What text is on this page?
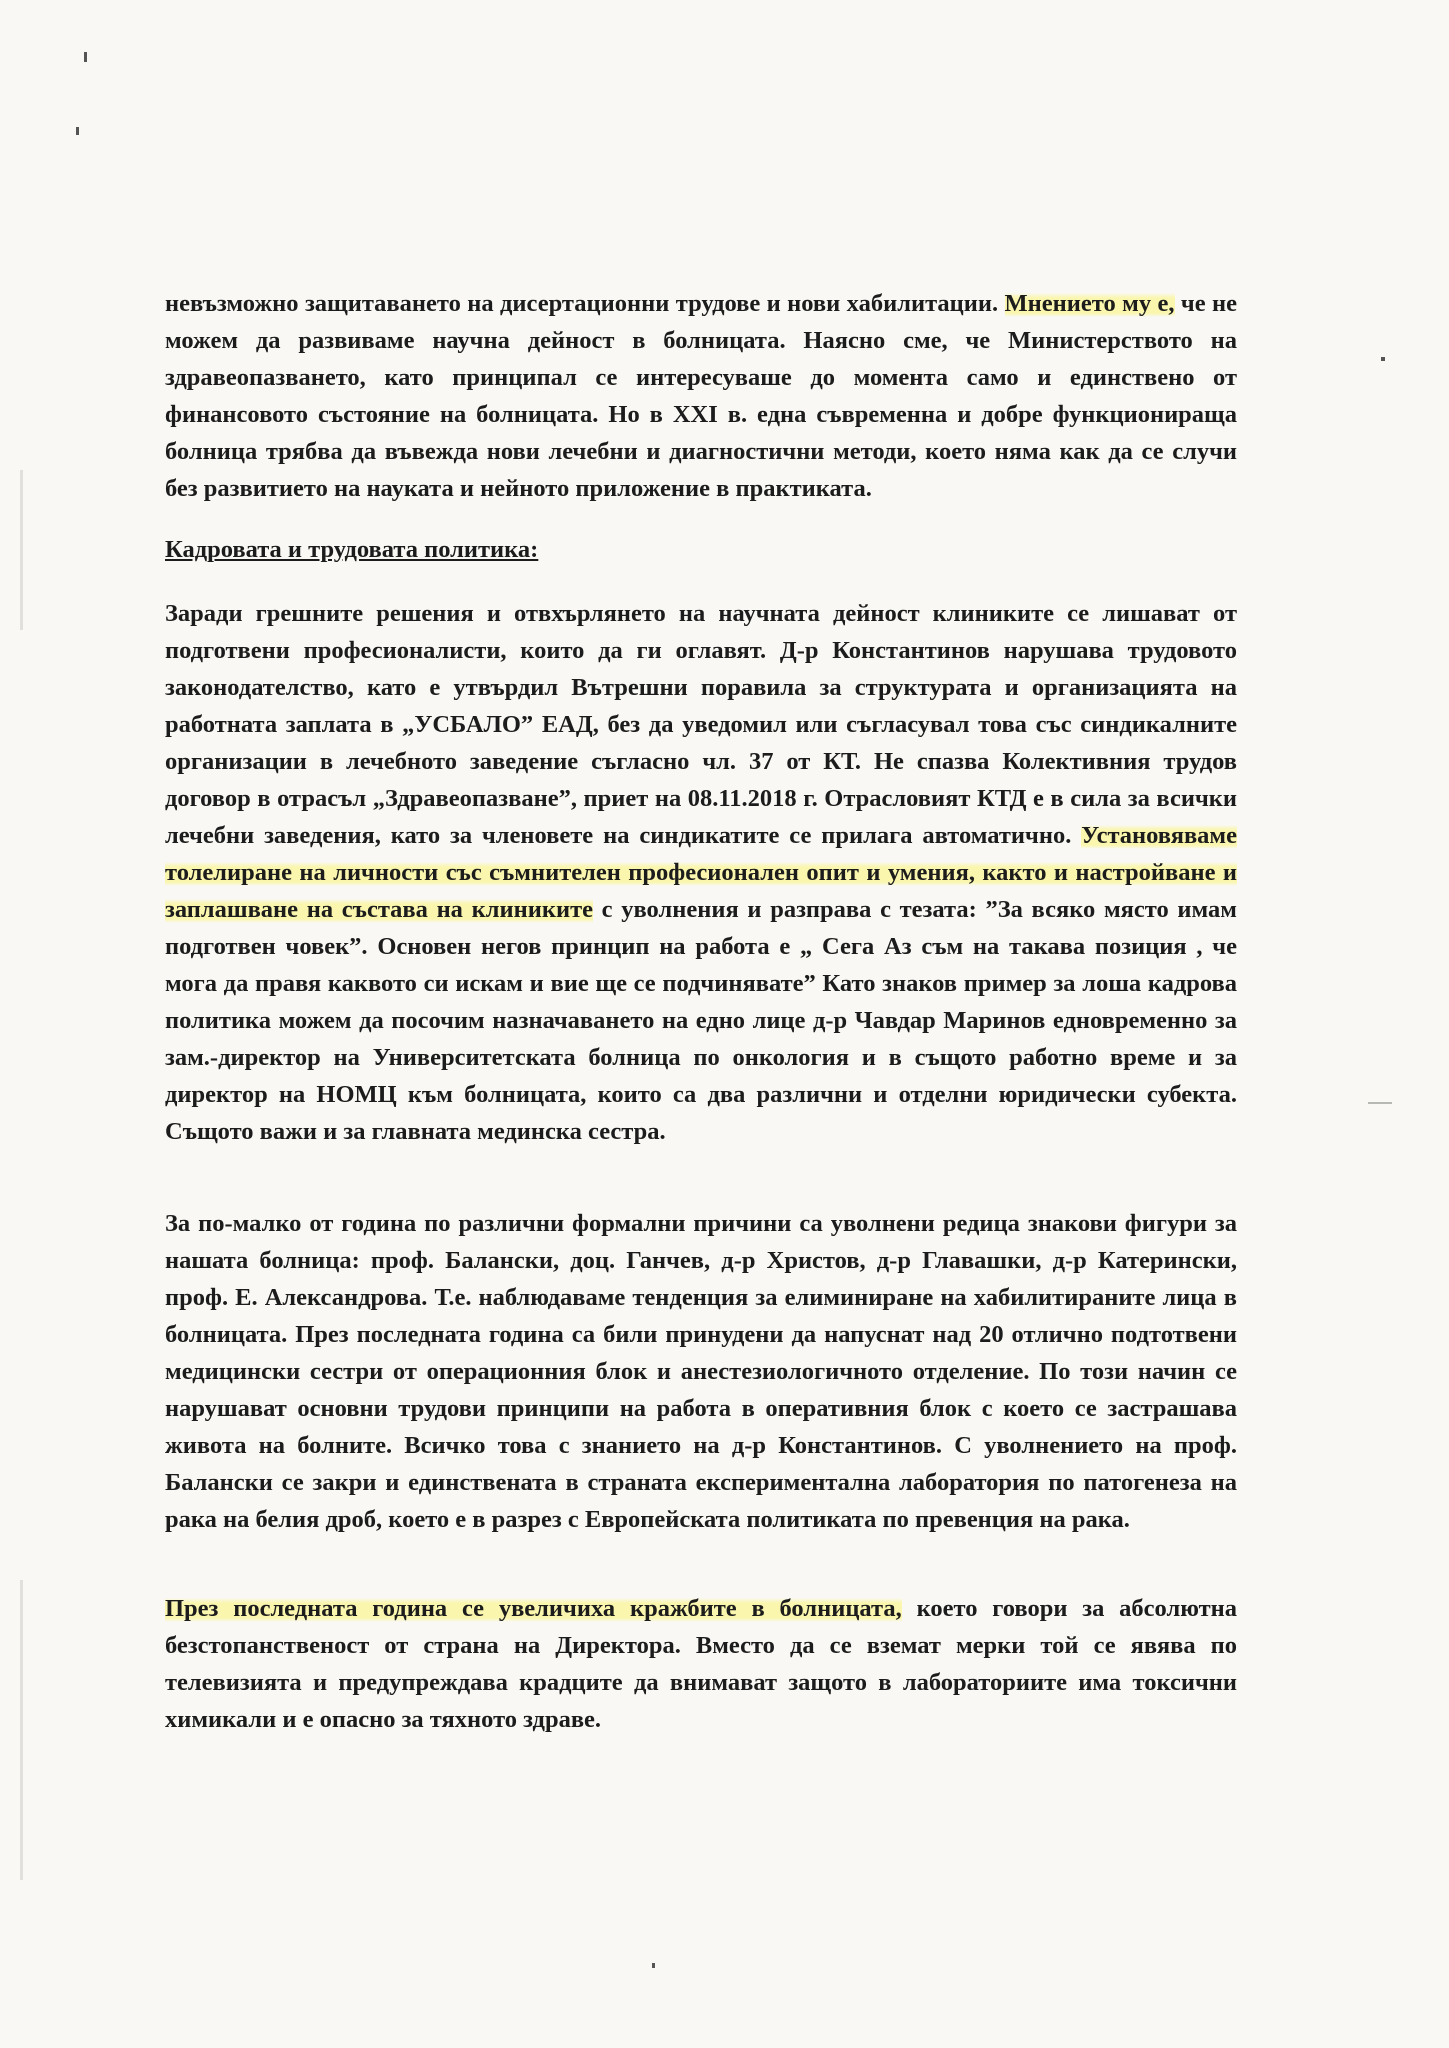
невъзможно защитаването на дисертационни трудове и нови хабилитации. Мнението му е, че не можем да развиваме научна дейност в болницата. Наясно сме, че Министерството на здравеопазването, като принципал се интересуваше до момента само и единствено от финансовото състояние на болницата. Но в XXI в. една съвременна и добре функционираща болница трябва да въвежда нови лечебни и диагностични методи, което няма как да се случи без развитието на науката и нейното приложение в практиката.

Кадровата и трудовата политика:

Заради грешните решения и отвхърлянето на научната дейност клиниките се лишават от подготвени професионалисти, които да ги оглавят. Д-р Константинов нарушава трудовото законодателство, като е утвърдил Вътрешни поравила за структурата и организацията на работната заплата в „УСБАЛО” ЕАД, без да уведомил или съгласувал това със синдикалните организации в лечебното заведение съгласно чл. 37 от КТ. Не спазва Колективния трудов договор в отрасъл „Здравеопазване”, приет на 08.11.2018 г. Отрасловият КТД е в сила за всички лечебни заведения, като за членовете на синдикатите се прилага автоматично. Установяваме толелиране на личности със съмнителен професионален опит и умения, както и настройване и заплашване на състава на клиниките с уволнения и разправа с тезата: ”За всяко място имам подготвен човек”. Основен негов принцип на работа е „ Сега Аз съм на такава позиция , че мога да правя каквото си искам и вие ще се подчинявате” Като знаков пример за лоша кадрова политика можем да посочим назначаването на едно лице д-р Чавдар Маринов едновременно за зам.-директор на Университетската болница по онкология и в същото работно време и за директор на НОМЦ към болницата, които са два различни и отделни юридически субекта. Същото важи и за главната мединска сестра.

За по-малко от година по различни формални причини са уволнени редица знакови фигури за нашата болница: проф. Балански, доц. Ганчев, д-р Христов, д-р Главашки, д-р Катерински, проф. Е. Александрова. Т.е. наблюдаваме тенденция за елиминиране на хабилитираните лица в болницата. През последната година са били принудени да напуснат над 20 отлично подтотвени медицински сестри от операционния блок и анестезиологичното отделение. По този начин се нарушават основни трудови принципи на работа в оперативния блок с което се застрашава живота на болните. Всичко това с знанието на д-р Константинов. С уволнението на проф. Балански се закри и единствената в страната експериментална лаборатория по патогенеза на рака на белия дроб, което е в разрез с Европейската политиката по превенция на рака.

През последната година се увеличиха кражбите в болницата, което говори за абсолютна безстопанственост от страна на Директора. Вместо да се вземат мерки той се явява по телевизията и предупреждава крадците да внимават защото в лабораториите има токсични химикали и е опасно за тяхното здраве.
